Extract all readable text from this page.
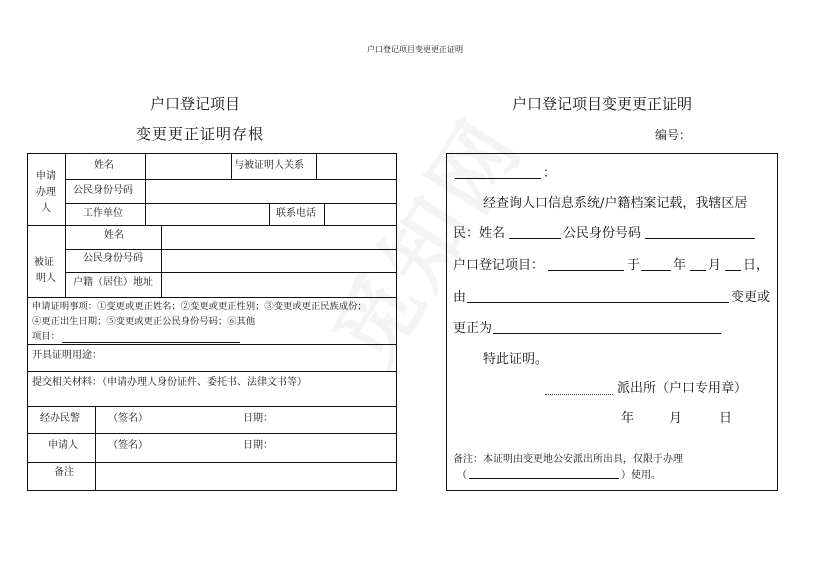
户口登记项目变更更正证明
户口登记项目
变更更正证明存根
户口登记项目变更更正证明
编号：
申请
办理
人
姓名	与被证明人关系
公民身份号码
工作单位	联系电话
被证
明人
姓名
公民身份号码
户籍（居住）地址
申请证明事项：①变更或更正姓名；②变更或更正性别；③变更或更正民族成份；
④更正出生日期；⑤变更或更正公民身份号码；⑥其他
项目：
开具证明用途：
提交相关材料：（申请办理人身份证件、委托书、法律文书等）
经办民警	（签名）	日期：
申请人	（签名）	日期：
备注
：
经查询人口信息系统/户籍档案记载，我辖区居
民：姓名	公民身份号码
户口登记项目：	于	年 月 日，
由	变更或
更正为
特此证明。
派出所（户口专用章）
年	月	日
备注：本证明由变更地公安派出所出具，仅限于办理
（	）使用。
